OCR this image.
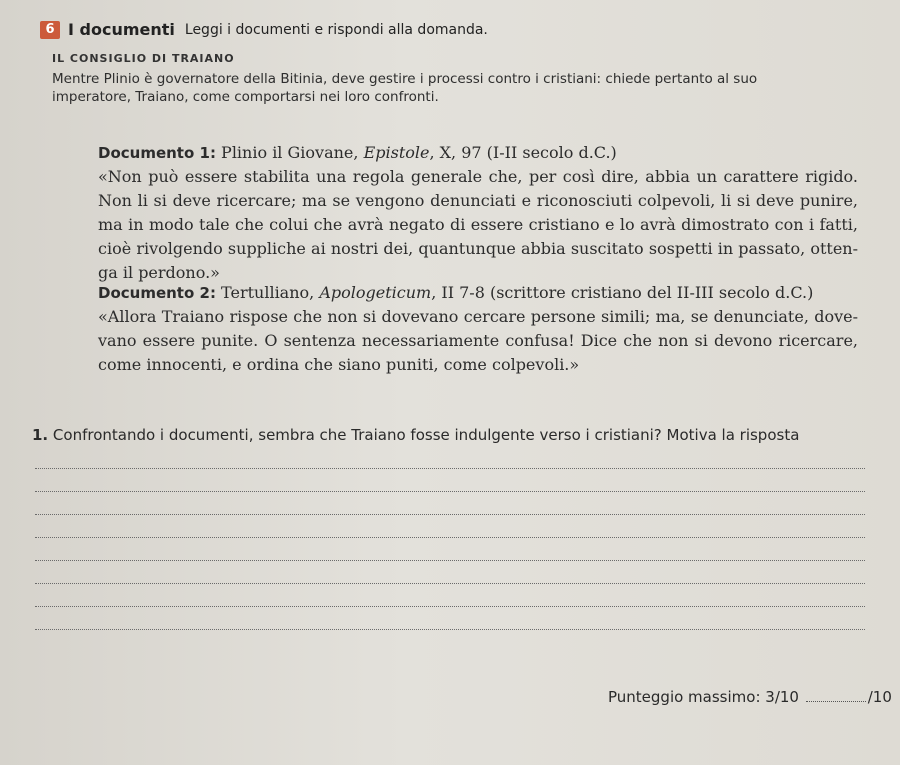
6 I documenti Leggi i documenti e rispondi alla domanda.
IL CONSIGLIO DI TRAIANO
Mentre Plinio è governatore della Bitinia, deve gestire i processi contro i cristiani: chiede pertanto al suo imperatore, Traiano, come comportarsi nei loro confronti.
Documento 1: Plinio il Giovane, Epistole, X, 97 (I-II secolo d.C.)
«Non può essere stabilita una regola generale che, per così dire, abbia un carattere rigido. Non li si deve ricercare; ma se vengono denunciati e riconosciuti colpevoli, li si deve punire, ma in modo tale che colui che avrà negato di essere cristiano e lo avrà dimostrato con i fatti, cioè rivolgendo suppliche ai nostri dei, quantunque abbia suscitato sospetti in passato, otten-ga il perdono.»
Documento 2: Tertulliano, Apologeticum, II 7-8 (scrittore cristiano del II-III secolo d.C.)
«Allora Traiano rispose che non si dovevano cercare persone simili; ma, se denunciate, dove-vano essere punite. O sentenza necessariamente confusa! Dice che non si devono ricercare, come innocenti, e ordina che siano puniti, come colpevoli.»
1. Confrontando i documenti, sembra che Traiano fosse indulgente verso i cristiani? Motiva la risposta
Punteggio massimo: 3/10	/10
